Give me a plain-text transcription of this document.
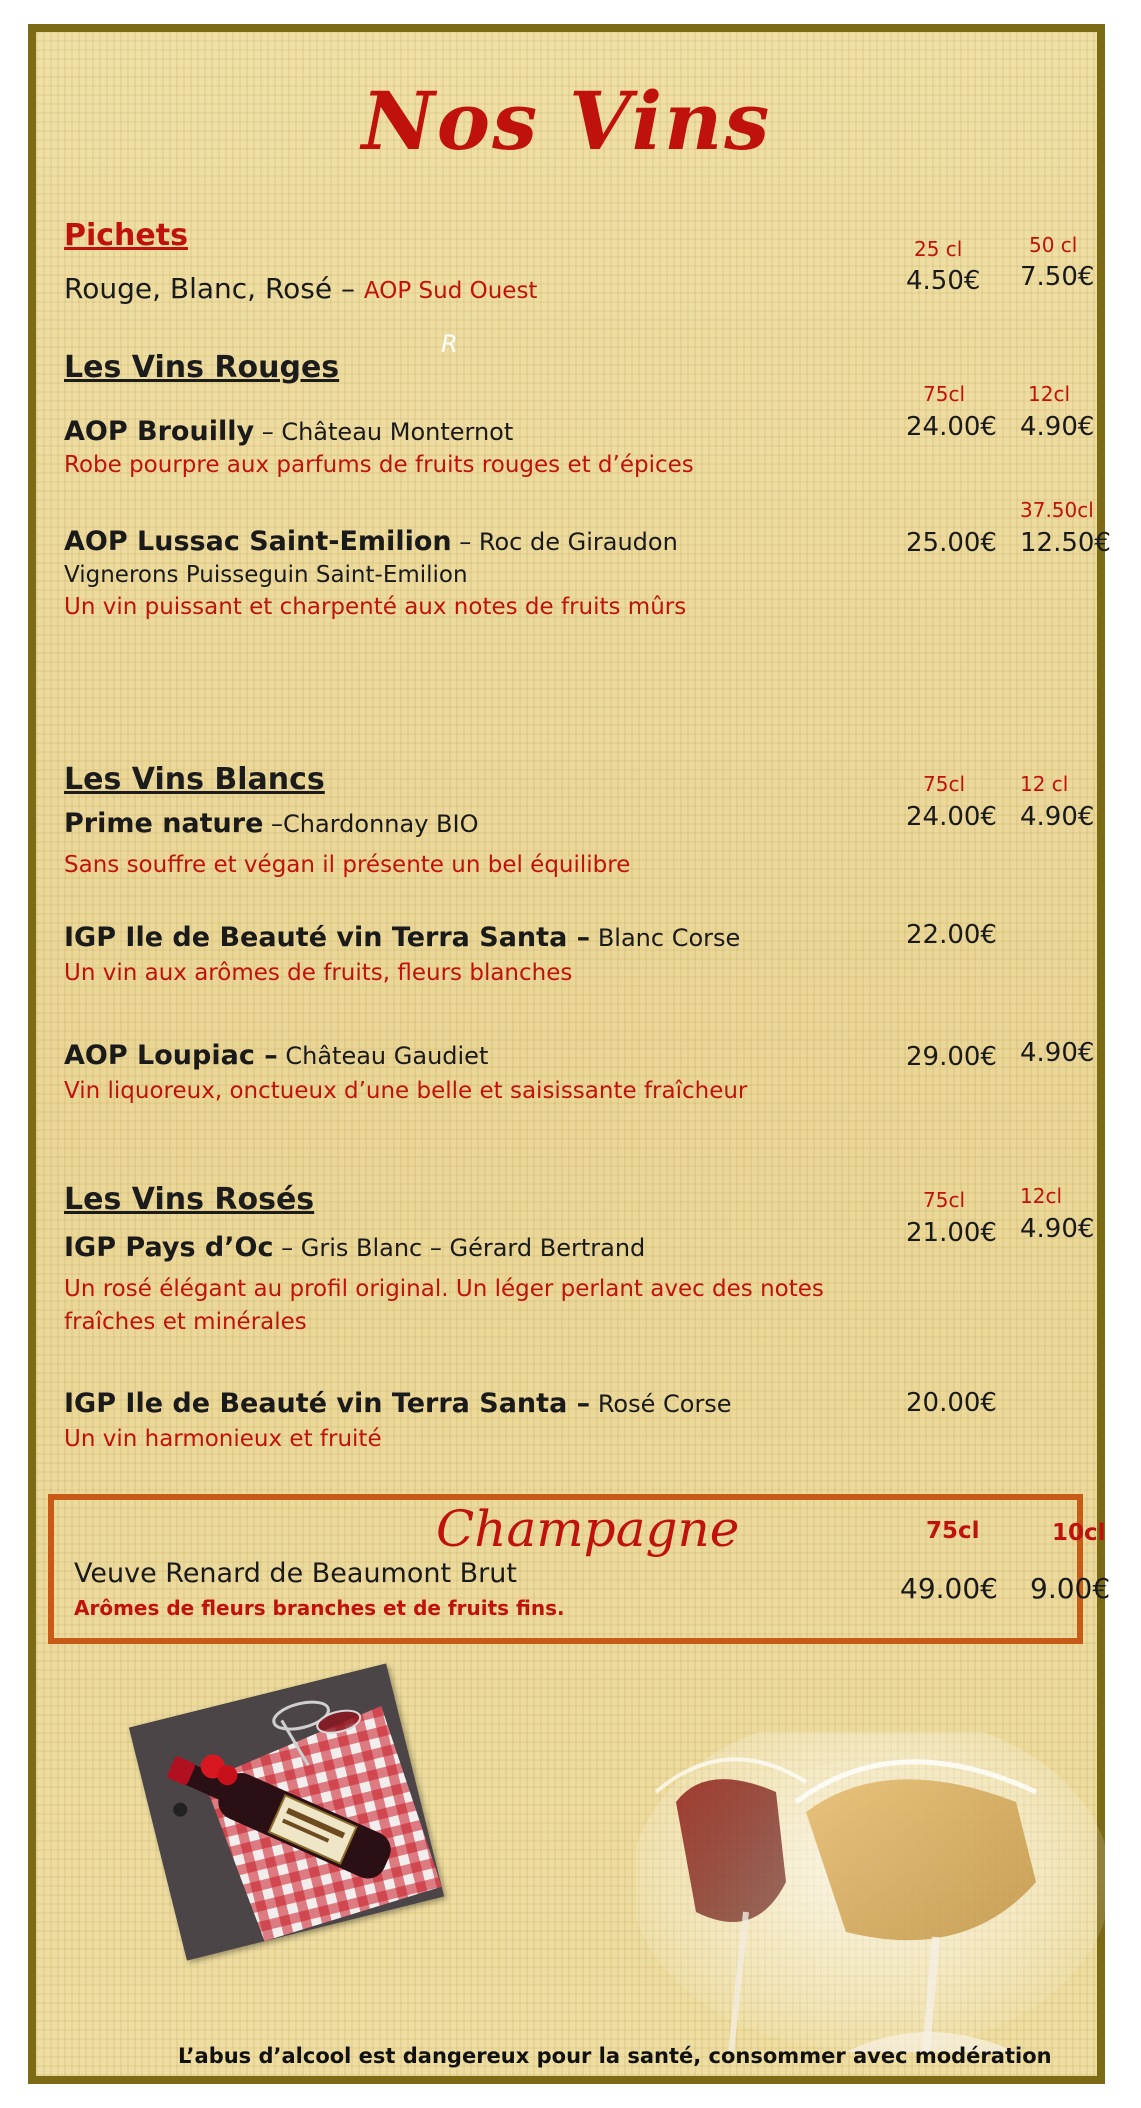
Nos Vins
Pichets
Rouge, Blanc, Rosé – AOP Sud Ouest
25 cl	50 cl
4.50€ 7.50€
R
Les Vins Rouges
75cl	12cl
AOP Brouilly – Château Monternot
Robe pourpre aux parfums de fruits rouges et d’épices
24.00€ 4.90€
37.50cl
AOP Lussac Saint-Emilion – Roc de Giraudon
Vignerons Puisseguin Saint-Emilion
Un vin puissant et charpenté aux notes de fruits mûrs
25.00€ 12.50€
Les Vins Blancs	75cl	12 cl
Prime nature –Chardonnay BIO
Sans souffre et végan il présente un bel équilibre
24.00€ 4.90€
IGP Ile de Beauté vin Terra Santa – Blanc Corse
Un vin aux arômes de fruits, fleurs blanches
22.00€
AOP Loupiac – Château Gaudiet
Vin liquoreux, onctueux d’une belle et saisissante fraîcheur
29.00€ 4.90€
Les Vins Rosés	75cl	12cl
IGP Pays d’Oc – Gris Blanc – Gérard Bertrand
Un rosé élégant au profil original. Un léger perlant avec des notes
fraîches et minérales
21.00€ 4.90€
IGP Ile de Beauté vin Terra Santa – Rosé Corse
Un vin harmonieux et fruité
20.00€
Champagne	75cl	10cl
Veuve Renard de Beaumont Brut
Arômes de fleurs branches et de fruits fins.
49.00€ 9.00€
L’abus d’alcool est dangereux pour la santé, consommer avec modération
